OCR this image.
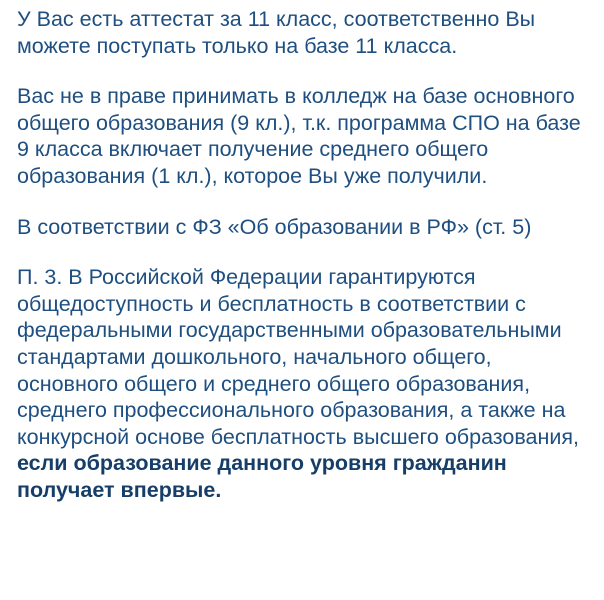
У Вас есть аттестат за 11 класс, соответственно Вы можете поступать только на базе 11 класса.

Вас не в праве принимать в колледж на базе основного общего образования (9 кл.), т.к. программа СПО на базе 9 класса включает получение среднего общего образования (1 кл.), которое Вы уже получили.

В соответствии с ФЗ «Об образовании в РФ» (ст. 5)

П. 3. В Российской Федерации гарантируются общедоступность и бесплатность в соответствии с федеральными государственными образовательными стандартами дошкольного, начального общего, основного общего и среднего общего образования, среднего профессионального образования, а также на конкурсной основе бесплатность высшего образования, если образование данного уровня гражданин получает впервые.
